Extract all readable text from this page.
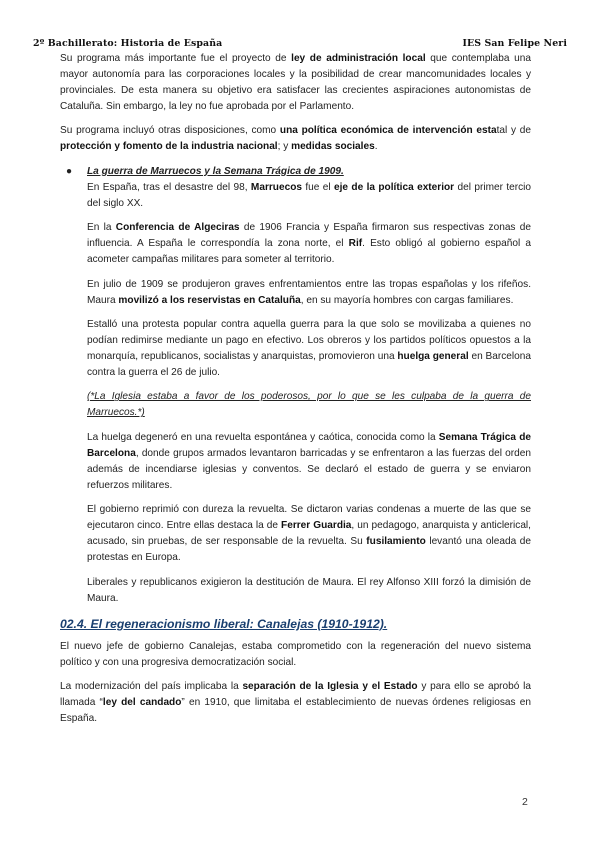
2º Bachillerato: Historia de España	IES San Felipe Neri

Su programa más importante fue el proyecto de ley de administración local que contemplaba una mayor autonomía para las corporaciones locales y la posibilidad de crear mancomunidades locales y provinciales. De esta manera su objetivo era satisfacer las crecientes aspiraciones autonomistas de Cataluña. Sin embargo, la ley no fue aprobada por el Parlamento.

Su programa incluyó otras disposiciones, como una política económica de intervención estatal y de protección y fomento de la industria nacional; y medidas sociales.

● La guerra de Marruecos y la Semana Trágica de 1909.

En España, tras el desastre del 98, Marruecos fue el eje de la política exterior del primer tercio del siglo XX.

En la Conferencia de Algeciras de 1906 Francia y España firmaron sus respectivas zonas de influencia. A España le correspondía la zona norte, el Rif. Esto obligó al gobierno español a acometer campañas militares para someter al territorio.

En julio de 1909 se produjeron graves enfrentamientos entre las tropas españolas y los rifeños. Maura movilizó a los reservistas en Cataluña, en su mayoría hombres con cargas familiares.

Estalló una protesta popular contra aquella guerra para la que solo se movilizaba a quienes no podían redimirse mediante un pago en efectivo. Los obreros y los partidos políticos opuestos a la monarquía, republicanos, socialistas y anarquistas, promovieron una huelga general en Barcelona contra la guerra el 26 de julio.

(*La Iglesia estaba a favor de los poderosos, por lo que se les culpaba de la guerra de Marruecos.*)

La huelga degeneró en una revuelta espontánea y caótica, conocida como la Semana Trágica de Barcelona, donde grupos armados levantaron barricadas y se enfrentaron a las fuerzas del orden además de incendiarse iglesias y conventos. Se declaró el estado de guerra y se enviaron refuerzos militares.

El gobierno reprimió con dureza la revuelta. Se dictaron varias condenas a muerte de las que se ejecutaron cinco. Entre ellas destaca la de Ferrer Guardia, un pedagogo, anarquista y anticlerical, acusado, sin pruebas, de ser responsable de la revuelta. Su fusilamiento levantó una oleada de protestas en Europa.

Liberales y republicanos exigieron la destitución de Maura. El rey Alfonso XIII forzó la dimisión de Maura.

02.4. El regeneracionismo liberal: Canalejas (1910-1912).

El nuevo jefe de gobierno Canalejas, estaba comprometido con la regeneración del nuevo sistema político y con una progresiva democratización social.

La modernización del país implicaba la separación de la Iglesia y el Estado y para ello se aprobó la llamada “ley del candado” en 1910, que limitaba el establecimiento de nuevas órdenes religiosas en España.

2
